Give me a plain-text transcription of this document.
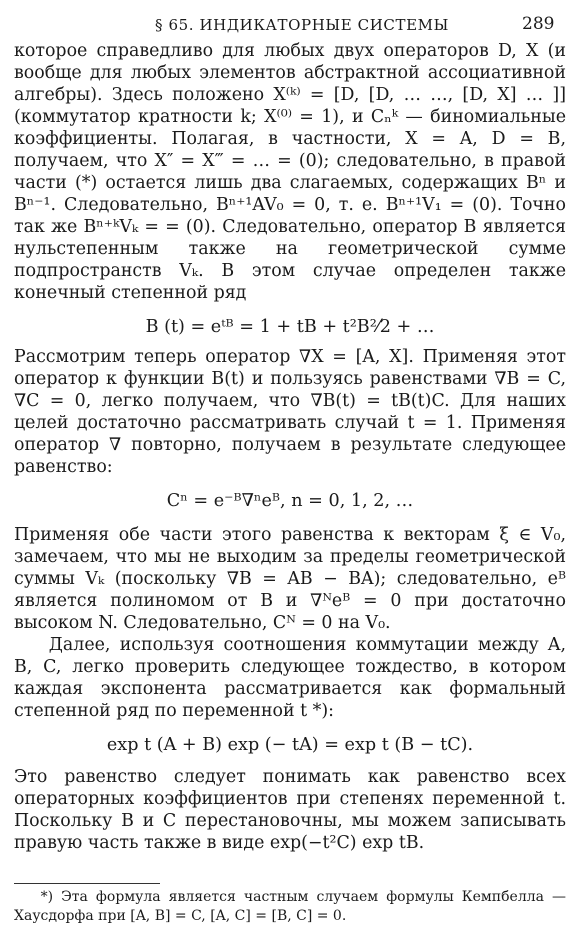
§ 65. ИНДИКАТОРНЫЕ СИСТЕМЫ	289

которое справедливо для любых двух операторов D, X (и вообще для любых элементов абстрактной ассоциативной алгебры). Здесь положено X⁽ᵏ⁾ = [D, [D, … …, [D, X] … ]] (коммутатор кратности k; X⁽⁰⁾ = 1), и Cₙᵏ — биномиальные коэффициенты. Полагая, в частности, X = A, D = B, получаем, что X″ = X‴ = … = (0); следовательно, в правой части (*) остается лишь два слагаемых, содержащих Bⁿ и Bⁿ⁻¹. Следовательно, Bⁿ⁺¹AV₀ = 0, т. е. Bⁿ⁺¹V₁ = (0). Точно так же Bⁿ⁺ᵏVₖ = = (0). Следовательно, оператор B является нульстепенным также на геометрической сумме подпространств Vₖ. В этом случае определен также конечный степенной ряд

B (t) = eᵗᴮ = 1 + tB + t²B²⁄2 + …

Рассмотрим теперь оператор ∇X = [A, X]. Применяя этот оператор к функции B(t) и пользуясь равенствами ∇B = C, ∇C = 0, легко получаем, что ∇B(t) = tB(t)C. Для наших целей достаточно рассматривать случай t = 1. Применяя оператор ∇ повторно, получаем в результате следующее равенство:

Cⁿ = e⁻ᴮ∇ⁿeᴮ, n = 0, 1, 2, …

Применяя обе части этого равенства к векторам ξ ∈ V₀, замечаем, что мы не выходим за пределы геометрической суммы Vₖ (поскольку ∇B = AB − BA); следовательно, eᴮ является полиномом от B и ∇ᴺeᴮ = 0 при достаточно высоком N. Следовательно, Cᴺ = 0 на V₀.

Далее, используя соотношения коммутации между A, B, C, легко проверить следующее тождество, в котором каждая экспонента рассматривается как формальный степенной ряд по переменной t *):

exp t (A + B) exp (− tA) = exp t (B − tC).

Это равенство следует понимать как равенство всех операторных коэффициентов при степенях переменной t. Поскольку B и C перестановочны, мы можем записывать правую часть также в виде exp(−t²C) exp tB.

*) Эта формула является частным случаем формулы Кемпбелла — Хаусдорфа при [A, B] = C, [A, C] = [B, C] = 0.
